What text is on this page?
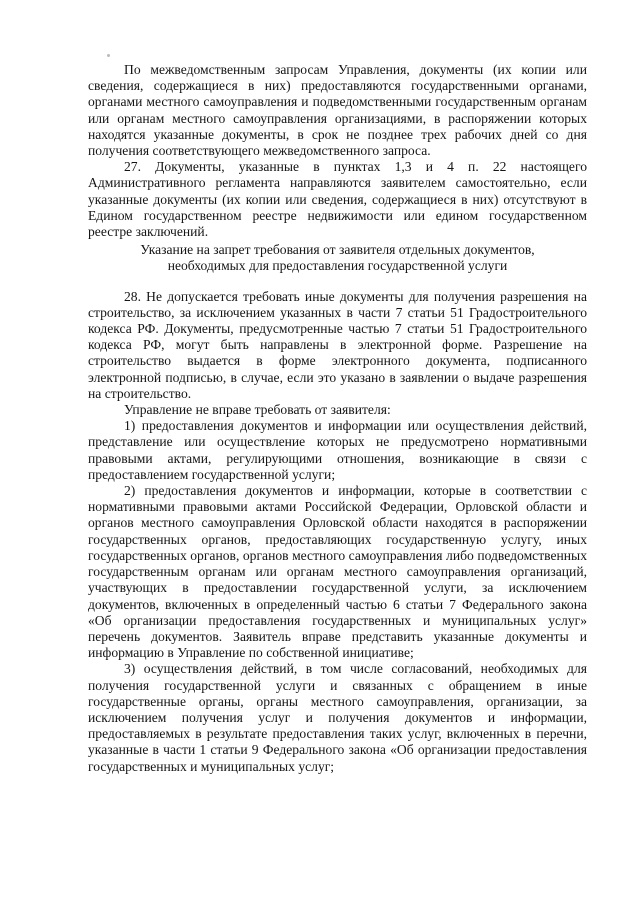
По межведомственным запросам Управления, документы (их копии или сведения, содержащиеся в них) предоставляются государственными органами, органами местного самоуправления и подведомственными государственным органам или органам местного самоуправления организациями, в распоряжении которых находятся указанные документы, в срок не позднее трех рабочих дней со дня получения соответствующего межведомственного запроса.

27. Документы, указанные в пунктах 1,3 и 4 п. 22 настоящего Административного регламента направляются заявителем самостоятельно, если указанные документы (их копии или сведения, содержащиеся в них) отсутствуют в Едином государственном реестре недвижимости или едином государственном реестре заключений.

Указание на запрет требования от заявителя отдельных документов,
необходимых для предоставления государственной услуги

28. Не допускается требовать иные документы для получения разрешения на строительство, за исключением указанных в части 7 статьи 51 Градостроительного кодекса РФ. Документы, предусмотренные частью 7 статьи 51 Градостроительного кодекса РФ, могут быть направлены в электронной форме. Разрешение на строительство выдается в форме электронного документа, подписанного электронной подписью, в случае, если это указано в заявлении о выдаче разрешения на строительство.

Управление не вправе требовать от заявителя:

1) предоставления документов и информации или осуществления действий, представление или осуществление которых не предусмотрено нормативными правовыми актами, регулирующими отношения, возникающие в связи с предоставлением государственной услуги;

2) предоставления документов и информации, которые в соответствии с нормативными правовыми актами Российской Федерации, Орловской области и органов местного самоуправления Орловской области находятся в распоряжении государственных органов, предоставляющих государственную услугу, иных государственных органов, органов местного самоуправления либо подведомственных государственным органам или органам местного самоуправления организаций, участвующих в предоставлении государственной услуги, за исключением документов, включенных в определенный частью 6 статьи 7 Федерального закона «Об организации предоставления государственных и муниципальных услуг» перечень документов. Заявитель вправе представить указанные документы и информацию в Управление по собственной инициативе;

3) осуществления действий, в том числе согласований, необходимых для получения государственной услуги и связанных с обращением в иные государственные органы, органы местного самоуправления, организации, за исключением получения услуг и получения документов и информации, предоставляемых в результате предоставления таких услуг, включенных в перечни, указанные в части 1 статьи 9 Федерального закона «Об организации предоставления государственных и муниципальных услуг;
